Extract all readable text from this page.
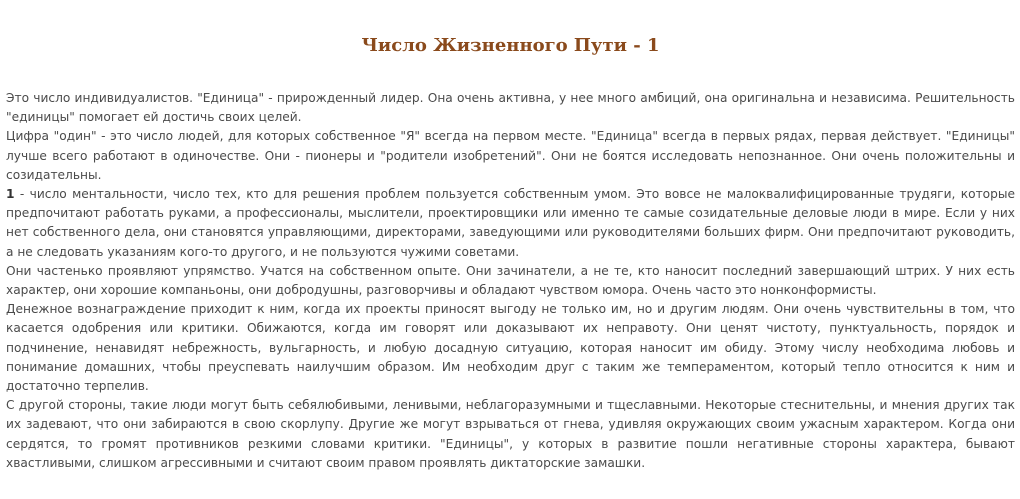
Число Жизненного Пути - 1

Это число индивидуалистов. "Единица" - прирожденный лидер. Она очень активна, у нее много амбиций, она оригинальна и независима. Решительность "единицы" помогает ей достичь своих целей.

Цифра "один" - это число людей, для которых собственное "Я" всегда на первом месте. "Единица" всегда в первых рядах, первая действует. "Единицы" лучше всего работают в одиночестве. Они - пионеры и "родители изобретений". Они не боятся исследовать непознанное. Они очень положительны и созидательны.

1 - число ментальности, число тех, кто для решения проблем пользуется собственным умом. Это вовсе не малоквалифицированные трудяги, которые предпочитают работать руками, а профессионалы, мыслители, проектировщики или именно те самые созидательные деловые люди в мире. Если у них нет собственного дела, они становятся управляющими, директорами, заведующими или руководителями больших фирм. Они предпочитают руководить, а не следовать указаниям кого-то другого, и не пользуются чужими советами.

Они частенько проявляют упрямство. Учатся на собственном опыте. Они зачинатели, а не те, кто наносит последний завершающий штрих. У них есть характер, они хорошие компаньоны, они добродушны, разговорчивы и обладают чувством юмора. Очень часто это нонконформисты.

Денежное вознаграждение приходит к ним, когда их проекты приносят выгоду не только им, но и другим людям. Они очень чувствительны в том, что касается одобрения или критики. Обижаются, когда им говорят или доказывают их неправоту. Они ценят чистоту, пунктуальность, порядок и подчинение, ненавидят небрежность, вульгарность, и любую досадную ситуацию, которая наносит им обиду. Этому числу необходима любовь и понимание домашних, чтобы преуспевать наилучшим образом. Им необходим друг с таким же темпераментом, который тепло относится к ним и достаточно терпелив.

С другой стороны, такие люди могут быть себялюбивыми, ленивыми, неблагоразумными и тщеславными. Некоторые стеснительны, и мнения других так их задевают, что они забираются в свою скорлупу. Другие же могут взрываться от гнева, удивляя окружающих своим ужасным характером. Когда они сердятся, то громят противников резкими словами критики. "Единицы", у которых в развитие пошли негативные стороны характера, бывают хвастливыми, слишком агрессивными и считают своим правом проявлять диктаторские замашки.
